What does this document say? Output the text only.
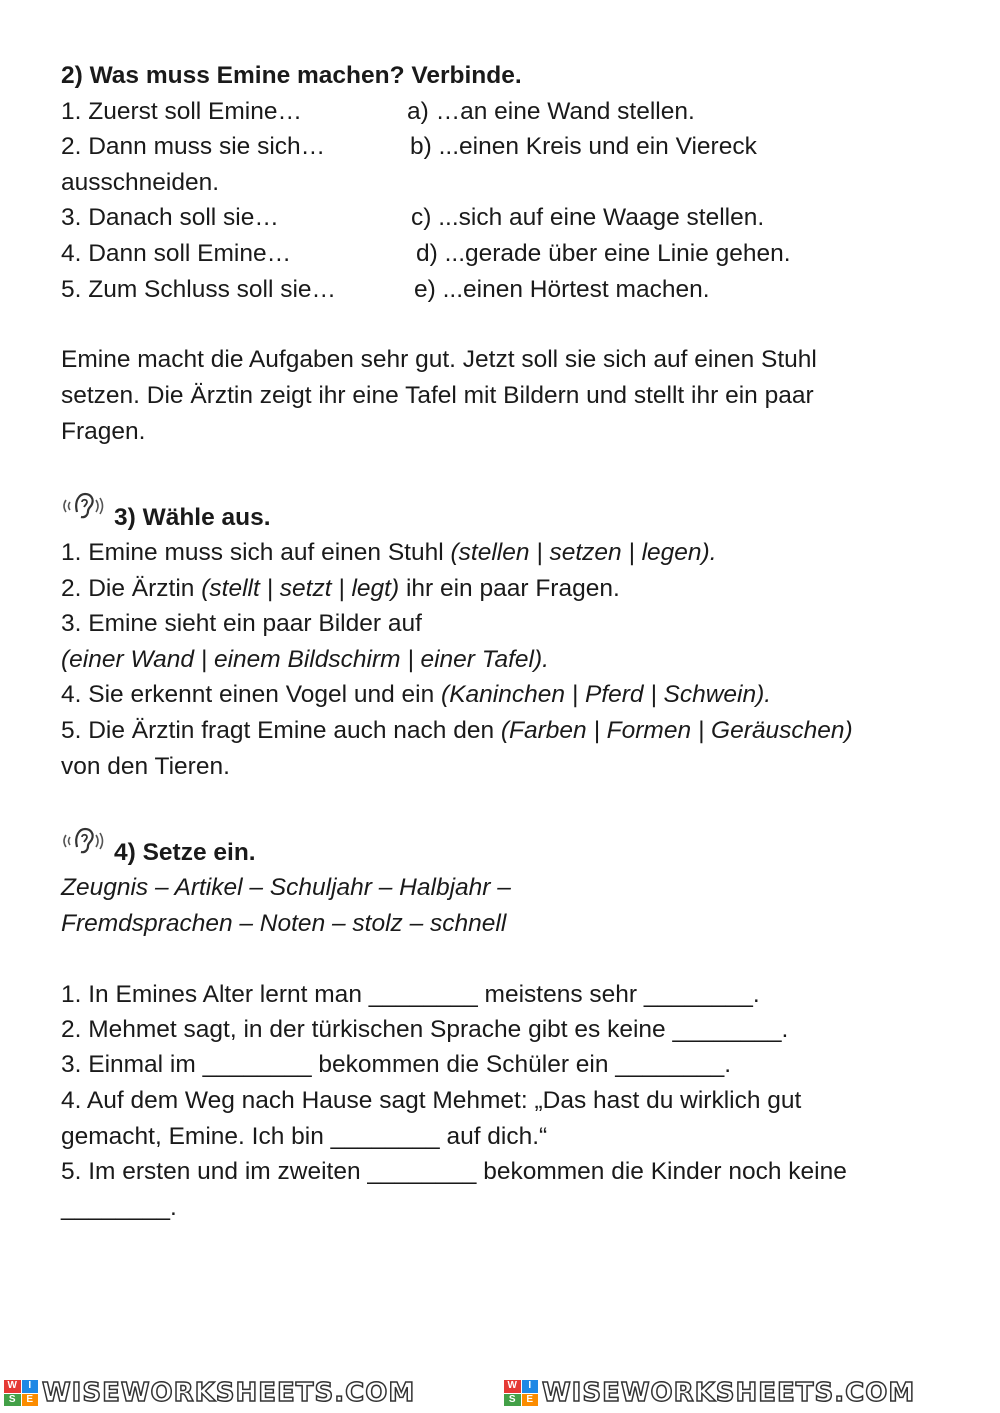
2) Was muss Emine machen? Verbinde.
1. Zuerst soll Emine…	a) …an eine Wand stellen.
2. Dann muss sie sich…	b) ...einen Kreis und ein Viereck
ausschneiden.
3. Danach soll sie…	c) ...sich auf eine Waage stellen.
4. Dann soll Emine…	d) ...gerade über eine Linie gehen.
5. Zum Schluss soll sie…	e) ...einen Hörtest machen.
Emine macht die Aufgaben sehr gut. Jetzt soll sie sich auf einen Stuhl
setzen. Die Ärztin zeigt ihr eine Tafel mit Bildern und stellt ihr ein paar
Fragen.
3) Wähle aus.
1. Emine muss sich auf einen Stuhl (stellen | setzen | legen).
2. Die Ärztin (stellt | setzt | legt) ihr ein paar Fragen.
3. Emine sieht ein paar Bilder auf
(einer Wand | einem Bildschirm | einer Tafel).
4. Sie erkennt einen Vogel und ein (Kaninchen | Pferd | Schwein).
5. Die Ärztin fragt Emine auch nach den (Farben | Formen | Geräuschen)
von den Tieren.
4) Setze ein.
Zeugnis – Artikel – Schuljahr – Halbjahr –
Fremdsprachen – Noten – stolz – schnell
1. In Emines Alter lernt man ________ meistens sehr ________.
2. Mehmet sagt, in der türkischen Sprache gibt es keine ________.
3. Einmal im ________ bekommen die Schüler ein ________.
4. Auf dem Weg nach Hause sagt Mehmet: „Das hast du wirklich gut
gemacht, Emine. Ich bin ________ auf dich.“
5. Im ersten und im zweiten ________ bekommen die Kinder noch keine
________.
W	I
S	E WISEWORKSHEETS.COM	W	I
S	E WISEWORKSHEETS.COM
